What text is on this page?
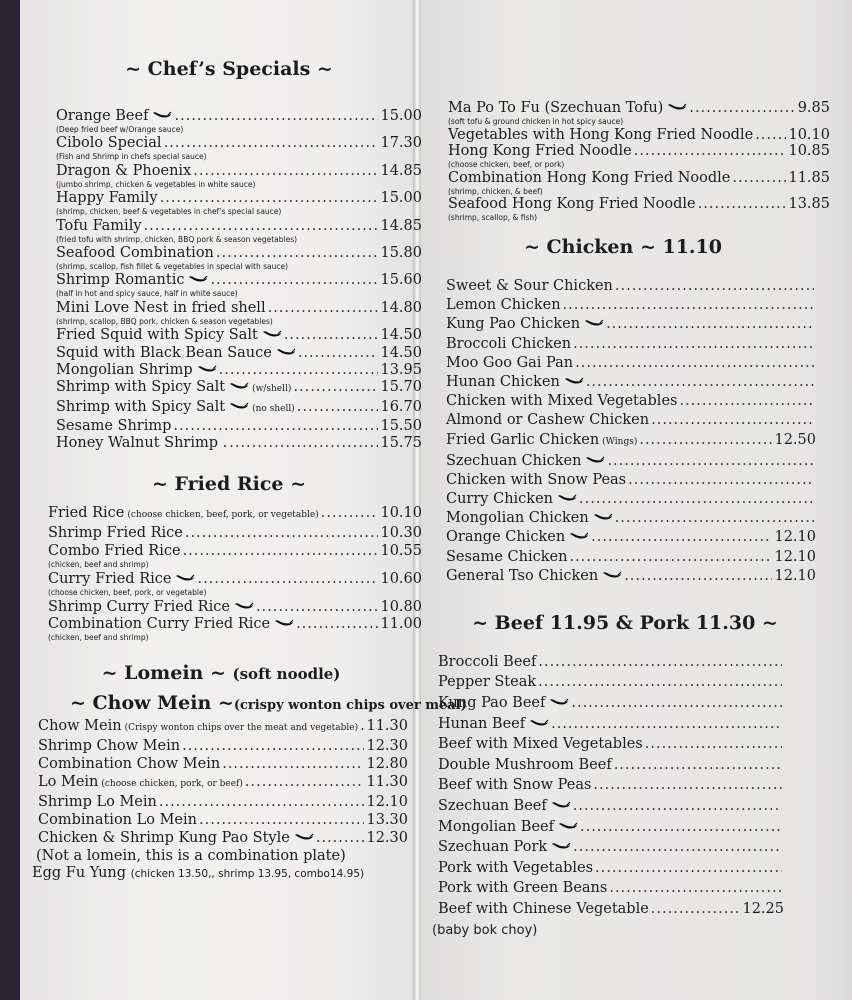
~ Chef’s Specials ~
Orange Beef .....	15.00
(Deep fried beef w/Orange sauce)
Cibolo Special .....	17.30
(Fish and Shrimp in chefs special sauce)
Dragon & Phoenix .....	14.85
(jumbo shrimp, chicken & vegetables in white sauce)
Happy Family .....	15.00
(shrimp, chicken, beef & vegetables in chef’s special sauce)
Tofu Family .....	14.85
(fried tofu with shrimp, chicken, BBQ pork & season vegetables)
Seafood Combination .....	15.80
(shrimp, scallop, fish fillet & vegetables in special with sauce)
Shrimp Romantic .....	15.60
(half in hot and spicy sauce, half in white sauce)
Mini Love Nest in fried shell .....	14.80
(shrimp, scallop, BBQ pork, chicken & season vegetables)
Fried Squid with Spicy Salt .....	14.50
Squid with Black Bean Sauce .....	14.50
Mongolian Shrimp .....	13.95
Shrimp with Spicy Salt	(w/shell) .....	15.70
Shrimp with Spicy Salt	(no shell) .....	16.70
Sesame Shrimp .....	15.50
Honey Walnut Shrimp . .....	15.75
~ Fried Rice ~
Fried Rice (choose chicken, beef, pork, or vegetable) .....	10.10
Shrimp Fried Rice .....	10.30
Combo Fried Rice .....	10.55
(chicken, beef and shrimp)
Curry Fried Rice .....	10.60
(choose chicken, beef, pork, or vegetable)
Shrimp Curry Fried Rice .....	10.80
Combination Curry Fried Rice .....	11.00
(chicken, beef and shrimp)
~ Lomein ~ (soft noodle)
~ Chow Mein ~(crispy wonton chips over meal)
Chow Mein (Crispy wonton chips over the meat and vegetable) ..... 11.30
Shrimp Chow Mein .....	12.30
Combination Chow Mein .....	12.80
Lo Mein (choose chicken, pork, or beef) .....	11.30
Shrimp Lo Mein .....	12.10
Combination Lo Mein .....	13.30
Chicken & Shrimp Kung Pao Style .....	12.30
(Not a lomein, this is a combination plate)
Egg Fu Yung (chicken 13.50,, shrimp 13.95, combo14.95)
Ma Po To Fu (Szechuan Tofu) .....	9.85
(soft tofu & ground chicken in hot spicy sauce)
Vegetables with Hong Kong Fried Noodle ..... 10.10
Hong Kong Fried Noodle .....	10.85
(choose chicken, beef, or pork)
Combination Hong Kong Fried Noodle .....	11.85
(shrimp, chicken, & beef)
Seafood Hong Kong Fried Noodle .....	13.85
(shrimp, scallop, & fish)
~ Chicken ~ 11.10
Sweet & Sour Chicken
.....
Lemon Chicken
.....
Kung Pao Chicken
.....
Broccoli Chicken
.....
Moo Goo Gai Pan
.....
Hunan Chicken
.....
Chicken with Mixed Vegetables
.....
Almond or Cashew Chicken
.....
Fried Garlic Chicken (Wings) .....	12.50
Szechuan Chicken
.....
Chicken with Snow Peas
.....
Curry Chicken
.....
Mongolian Chicken
.....
Orange Chicken .....	12.10
Sesame Chicken .....	12.10
General Tso Chicken .....	12.10
~ Beef 11.95 & Pork 11.30 ~
Broccoli Beef
.....
Pepper Steak
.....
Kung Pao Beef
.....
Hunan Beef
.....
Beef with Mixed Vegetables
.....
Double Mushroom Beef
.....
Beef with Snow Peas
.....
Szechuan Beef
.....
Mongolian Beef
.....
Szechuan Pork
.....
Pork with Vegetables
.....
Pork with Green Beans
.....
Beef with Chinese Vegetable .....	12.25
(baby bok choy)
